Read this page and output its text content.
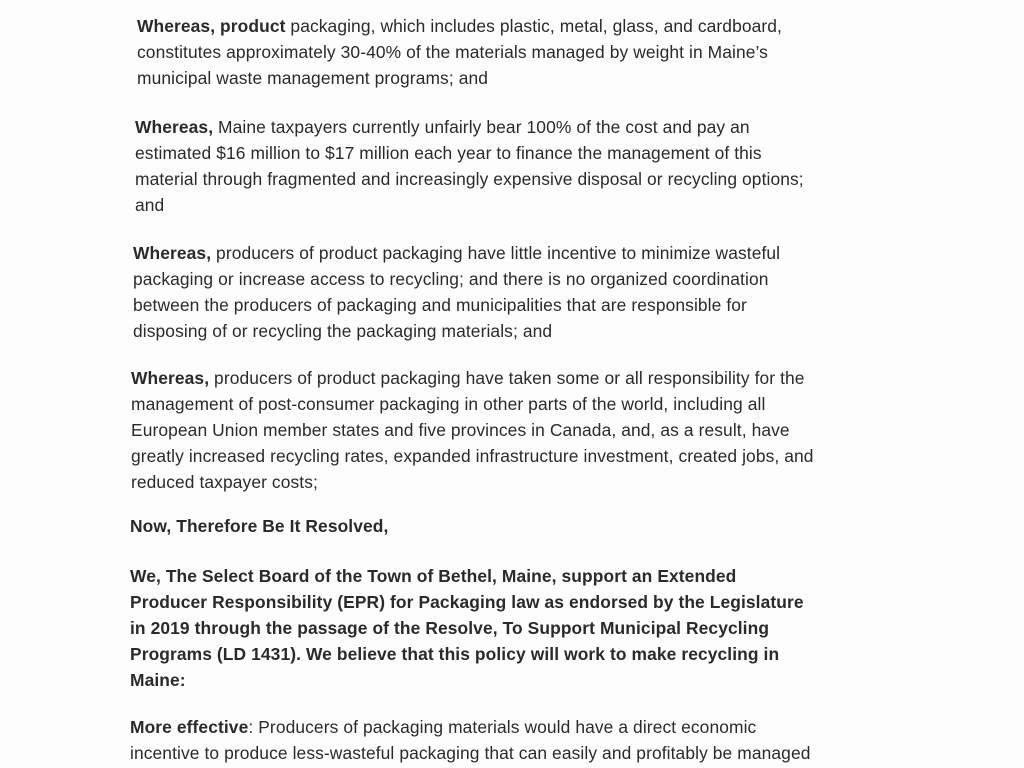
Whereas, product packaging, which includes plastic, metal, glass, and cardboard,
constitutes approximately 30-40% of the materials managed by weight in Maine’s
municipal waste management programs; and
Whereas, Maine taxpayers currently unfairly bear 100% of the cost and pay an
estimated $16 million to $17 million each year to finance the management of this
material through fragmented and increasingly expensive disposal or recycling options;
and
Whereas, producers of product packaging have little incentive to minimize wasteful
packaging or increase access to recycling; and there is no organized coordination
between the producers of packaging and municipalities that are responsible for
disposing of or recycling the packaging materials; and
Whereas, producers of product packaging have taken some or all responsibility for the
management of post-consumer packaging in other parts of the world, including all
European Union member states and five provinces in Canada, and, as a result, have
greatly increased recycling rates, expanded infrastructure investment, created jobs, and
reduced taxpayer costs;
Now, Therefore Be It Resolved,
We, The Select Board of the Town of Bethel, Maine, support an Extended
Producer Responsibility (EPR) for Packaging law as endorsed by the Legislature
in 2019 through the passage of the Resolve, To Support Municipal Recycling
Programs (LD 1431). We believe that this policy will work to make recycling in
Maine:
More effective: Producers of packaging materials would have a direct economic
incentive to produce less-wasteful packaging that can easily and profitably be managed
